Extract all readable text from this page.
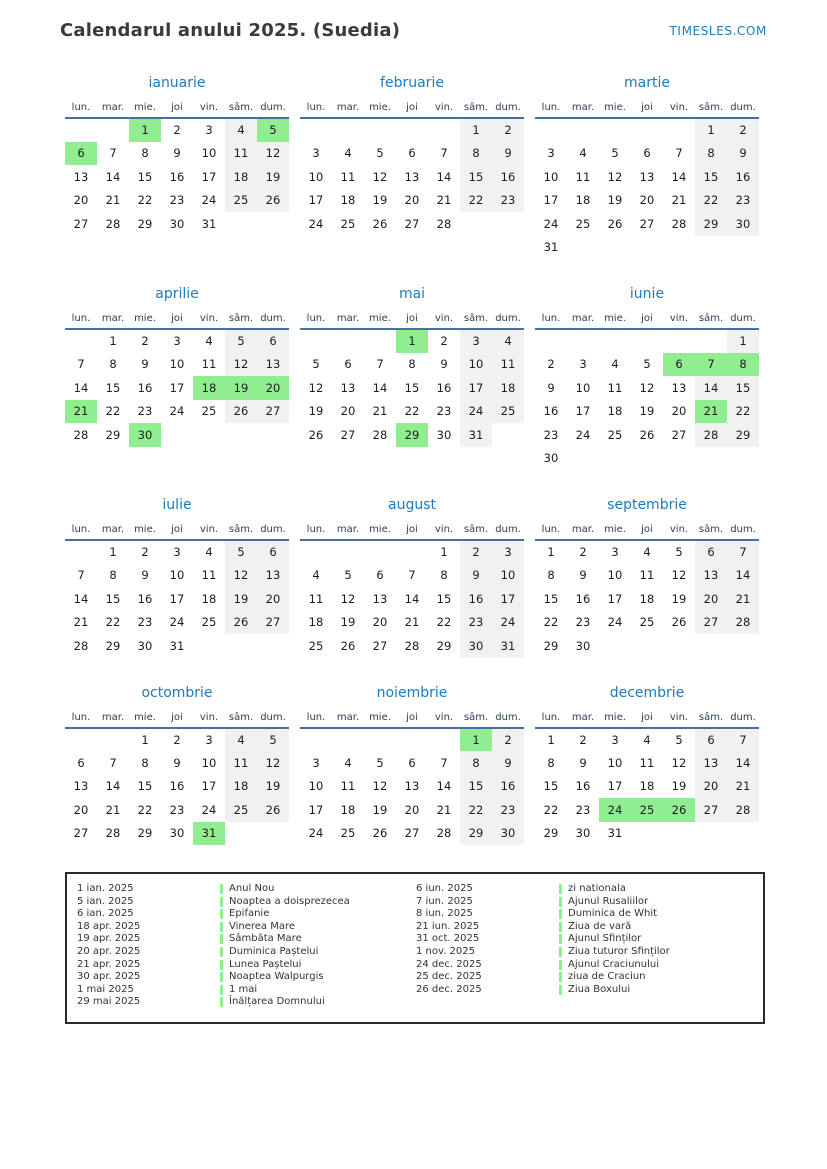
Calendarul anului 2025. (Suedia)	TIMESLES.COM
ianuarie
lun.	mar.	mie.	joi	vin.	sâm.	dum.
		1	2	3	4	5
6	7	8	9	10	11	12
13	14	15	16	17	18	19
20	21	22	23	24	25	26
27	28	29	30	31		
februarie
lun.	mar.	mie.	joi	vin.	sâm.	dum.
					1	2
3	4	5	6	7	8	9
10	11	12	13	14	15	16
17	18	19	20	21	22	23
24	25	26	27	28		
martie
lun.	mar.	mie.	joi	vin.	sâm.	dum.
					1	2
3	4	5	6	7	8	9
10	11	12	13	14	15	16
17	18	19	20	21	22	23
24	25	26	27	28	29	30
31						
aprilie
lun.	mar.	mie.	joi	vin.	sâm.	dum.
	1	2	3	4	5	6
7	8	9	10	11	12	13
14	15	16	17	18	19	20
21	22	23	24	25	26	27
28	29	30				
mai
lun.	mar.	mie.	joi	vin.	sâm.	dum.
			1	2	3	4
5	6	7	8	9	10	11
12	13	14	15	16	17	18
19	20	21	22	23	24	25
26	27	28	29	30	31	
iunie
lun.	mar.	mie.	joi	vin.	sâm.	dum.
						1
2	3	4	5	6	7	8
9	10	11	12	13	14	15
16	17	18	19	20	21	22
23	24	25	26	27	28	29
30						
iulie
lun.	mar.	mie.	joi	vin.	sâm.	dum.
	1	2	3	4	5	6
7	8	9	10	11	12	13
14	15	16	17	18	19	20
21	22	23	24	25	26	27
28	29	30	31			
august
lun.	mar.	mie.	joi	vin.	sâm.	dum.
				1	2	3
4	5	6	7	8	9	10
11	12	13	14	15	16	17
18	19	20	21	22	23	24
25	26	27	28	29	30	31
septembrie
lun.	mar.	mie.	joi	vin.	sâm.	dum.
1	2	3	4	5	6	7
8	9	10	11	12	13	14
15	16	17	18	19	20	21
22	23	24	25	26	27	28
29	30					
octombrie
lun.	mar.	mie.	joi	vin.	sâm.	dum.
		1	2	3	4	5
6	7	8	9	10	11	12
13	14	15	16	17	18	19
20	21	22	23	24	25	26
27	28	29	30	31		
noiembrie
lun.	mar.	mie.	joi	vin.	sâm.	dum.
					1	2
3	4	5	6	7	8	9
10	11	12	13	14	15	16
17	18	19	20	21	22	23
24	25	26	27	28	29	30
decembrie
lun.	mar.	mie.	joi	vin.	sâm.	dum.
1	2	3	4	5	6	7
8	9	10	11	12	13	14
15	16	17	18	19	20	21
22	23	24	25	26	27	28
29	30	31				
1 ian. 2025	Anul Nou
5 ian. 2025	Noaptea a doisprezecea
6 ian. 2025	Epifanie
18 apr. 2025	Vinerea Mare
19 apr. 2025	Sâmbăta Mare
20 apr. 2025	Duminica Paștelui
21 apr. 2025	Lunea Paștelui
30 apr. 2025	Noaptea Walpurgis
1 mai 2025	1 mai
29 mai 2025	Înălțarea Domnului
6 iun. 2025	zi nationala
7 iun. 2025	Ajunul Rusaliilor
8 iun. 2025	Duminica de Whit
21 iun. 2025	Ziua de vară
31 oct. 2025	Ajunul Sfinților
1 nov. 2025	Ziua tuturor Sfinților
24 dec. 2025	Ajunul Craciunului
25 dec. 2025	ziua de Craciun
26 dec. 2025	Ziua Boxului
